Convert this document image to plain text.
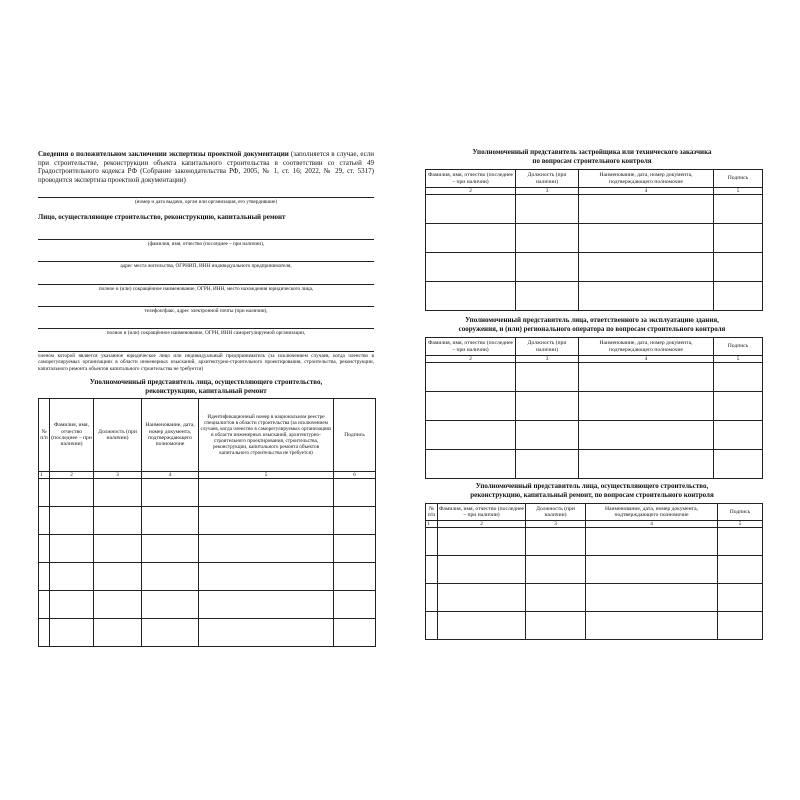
Сведения о положительном заключении экспертизы проектной документации (заполняется в случае, если при строительстве, реконструкции объекта капитального строительства в соответствии со статьей 49 Градостроительного кодекса РФ (Собрание законодательства РФ, 2005, № 1, ст. 16; 2022, № 29, ст. 5317) проводится экспертиза проектной документации)
(номер и дата выдачи, орган или организация, его утвердившие)
Лицо, осуществляющее строительство, реконструкцию, капитальный ремонт
(фамилия, имя, отчество (последнее – при наличии),
адрес места жительства, ОГРНИП, ИНН индивидуального предпринимателя,
полное и (или) сокращённое наименование, ОГРН, ИНН, место нахождения юридического лица,
телефон/факс, адрес электронной почты (при наличии),
полное и (или) сокращённое наименование, ОГРН, ИНН саморегулируемой организации,
членом которой является указанное юридическое лицо или индивидуальный предприниматель (за исключением случаев, когда членство в саморегулируемых организациях в области инженерных изысканий, архитектурно-строительного проектирования, строительства, реконструкции, капитального ремонта объектов капитального строительства не требуется)
Уполномоченный представитель лица, осуществляющего строительство,
реконструкцию, капитальный ремонт
№ п/п	Фамилия, имя, отчество (последнее – при наличии)	Должность (при наличии)	Наименование, дата, номер документа, подтверждающего полномочие	Идентификационный номер в национальном реестре специалистов в области строительства (за исключением случаев, когда членство в саморегулируемых организациях в области инженерных изысканий, архитектурно-строительного проектирования, строительства, реконструкции, капитального ремонта объектов капитального строительства не требуется)	Подпись
1	2	3	4	5	6

Уполномоченный представитель застройщика или технического заказчика
по вопросам строительного контроля
Фамилия, имя, отчество (последнее – при наличии)	Должность (при наличии)	Наименование, дата, номер документа, подтверждающего полномочие	Подпись
2	3	4	5

Уполномоченный представитель лица, ответственного за эксплуатацию здания,
сооружения, и (или) регионального оператора по вопросам строительного контроля
Фамилия, имя, отчество (последнее – при наличии)	Должность (при наличии)	Наименование, дата, номер документа, подтверждающего полномочие	Подпись
2	3	4	5

Уполномоченный представитель лица, осуществляющего строительство,
реконструкцию, капитальный ремонт, по вопросам строительного контроля
№ п/п	Фамилия, имя, отчество (последнее – при наличии)	Должность (при наличии)	Наименование, дата, номер документа, подтверждающего полномочие	Подпись
1	2	3	4	5
